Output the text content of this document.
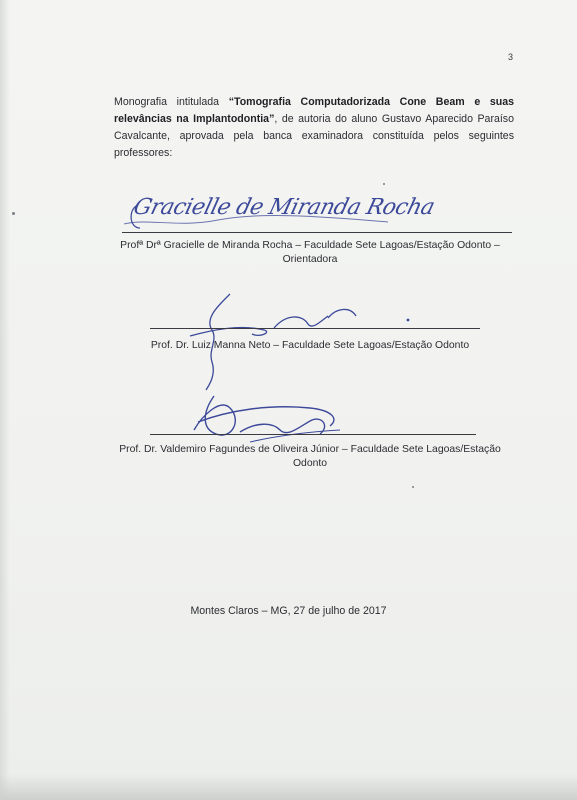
3

Monografia intitulada “Tomografia Computadorizada Cone Beam e suas relevâncias na Implantodontia”, de autoria do aluno Gustavo Aparecido Paraíso Cavalcante, aprovada pela banca examinadora constituída pelos seguintes professores:

Gracielle de Miranda Rocha
Profª Drª Gracielle de Miranda Rocha – Faculdade Sete Lagoas/Estação Odonto –
Orientadora
Prof. Dr. Luiz Manna Neto – Faculdade Sete Lagoas/Estação Odonto
Prof. Dr. Valdemiro Fagundes de Oliveira Júnior – Faculdade Sete Lagoas/Estação
Odonto
Montes Claros – MG, 27 de julho de 2017
